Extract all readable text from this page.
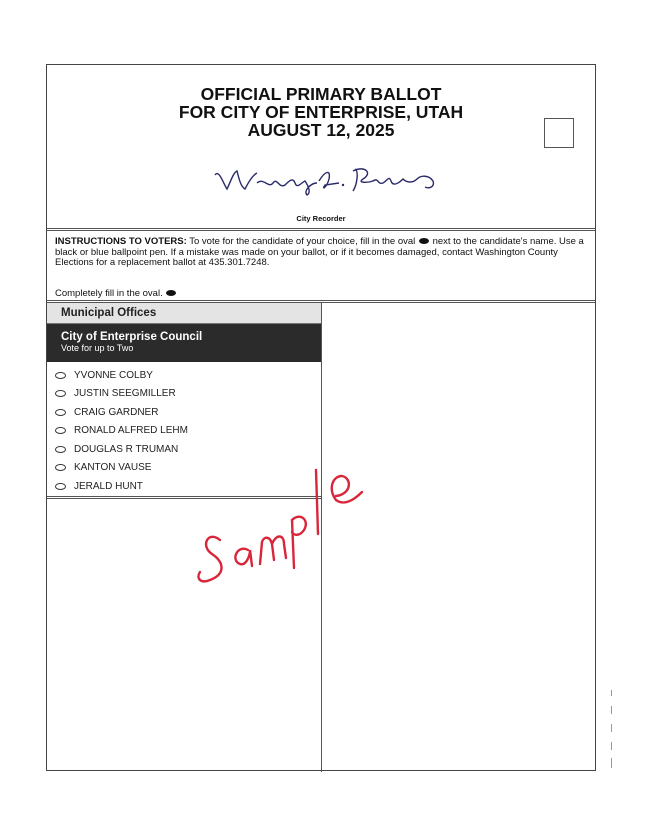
OFFICIAL PRIMARY BALLOT
FOR CITY OF ENTERPRISE, UTAH
AUGUST 12, 2025
City Recorder
INSTRUCTIONS TO VOTERS: To vote for the candidate of your choice, fill in the oval next to the candidate's name. Use a black or blue ballpoint pen. If a mistake was made on your ballot, or if it becomes damaged, contact Washington County Elections for a replacement ballot at 435.301.7248.
Completely fill in the oval.
Municipal Offices
City of Enterprise Council
Vote for up to Two
YVONNE COLBY
JUSTIN SEEGMILLER
CRAIG GARDNER
RONALD ALFRED LEHM
DOUGLAS R TRUMAN
KANTON VAUSE
JERALD HUNT
